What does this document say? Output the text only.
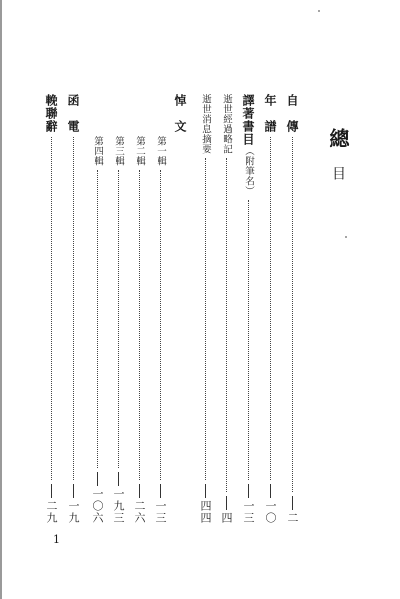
總
目
自　傳
二
年　譜
一〇
譯著書目
（附筆名）
一三
逝世經過略記
四
逝世消息摘要
四四
悼　文
第一輯
一三
第二輯
二六
第三輯
一九三
第四輯
一〇六
函　電
一九
輓聯辭
二九
1
